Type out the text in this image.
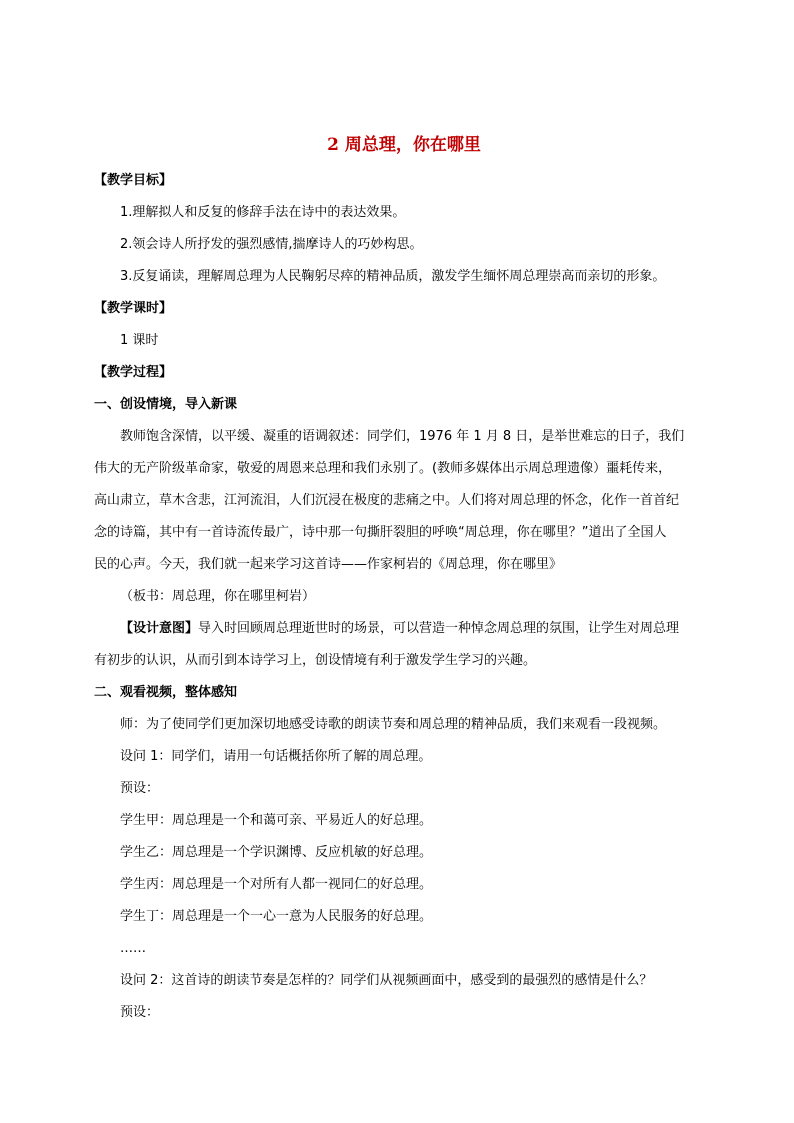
2 周总理，你在哪里
【教学目标】
1.理解拟人和反复的修辞手法在诗中的表达效果。
2.领会诗人所抒发的强烈感情,揣摩诗人的巧妙构思。
3.反复诵读，理解周总理为人民鞠躬尽瘁的精神品质，激发学生缅怀周总理崇高而亲切的形象。
【教学课时】
1 课时
【教学过程】
一、创设情境，导入新课
教师饱含深情，以平缓、凝重的语调叙述：同学们，1976 年 1 月 8 日，是举世难忘的日子，我们
伟大的无产阶级革命家，敬爱的周恩来总理和我们永别了。(教师多媒体出示周总理遗像）噩耗传来，
高山肃立，草木含悲，江河流泪，人们沉浸在极度的悲痛之中。人们将对周总理的怀念，化作一首首纪
念的诗篇，其中有一首诗流传最广，诗中那一句撕肝裂胆的呼唤“周总理，你在哪里？”道出了全国人
民的心声。今天，我们就一起来学习这首诗——作家柯岩的《周总理，你在哪里》
（板书：周总理，你在哪里柯岩）
【设计意图】导入时回顾周总理逝世时的场景，可以营造一种悼念周总理的氛围，让学生对周总理
有初步的认识，从而引到本诗学习上，创设情境有利于激发学生学习的兴趣。
二、观看视频，整体感知
师：为了使同学们更加深切地感受诗歌的朗读节奏和周总理的精神品质，我们来观看一段视频。
设问 1：同学们，请用一句话概括你所了解的周总理。
预设：
学生甲：周总理是一个和蔼可亲、平易近人的好总理。
学生乙：周总理是一个学识渊博、反应机敏的好总理。
学生丙：周总理是一个对所有人都一视同仁的好总理。
学生丁：周总理是一个一心一意为人民服务的好总理。
……
设问 2：这首诗的朗读节奏是怎样的？同学们从视频画面中，感受到的最强烈的感情是什么？
预设：
